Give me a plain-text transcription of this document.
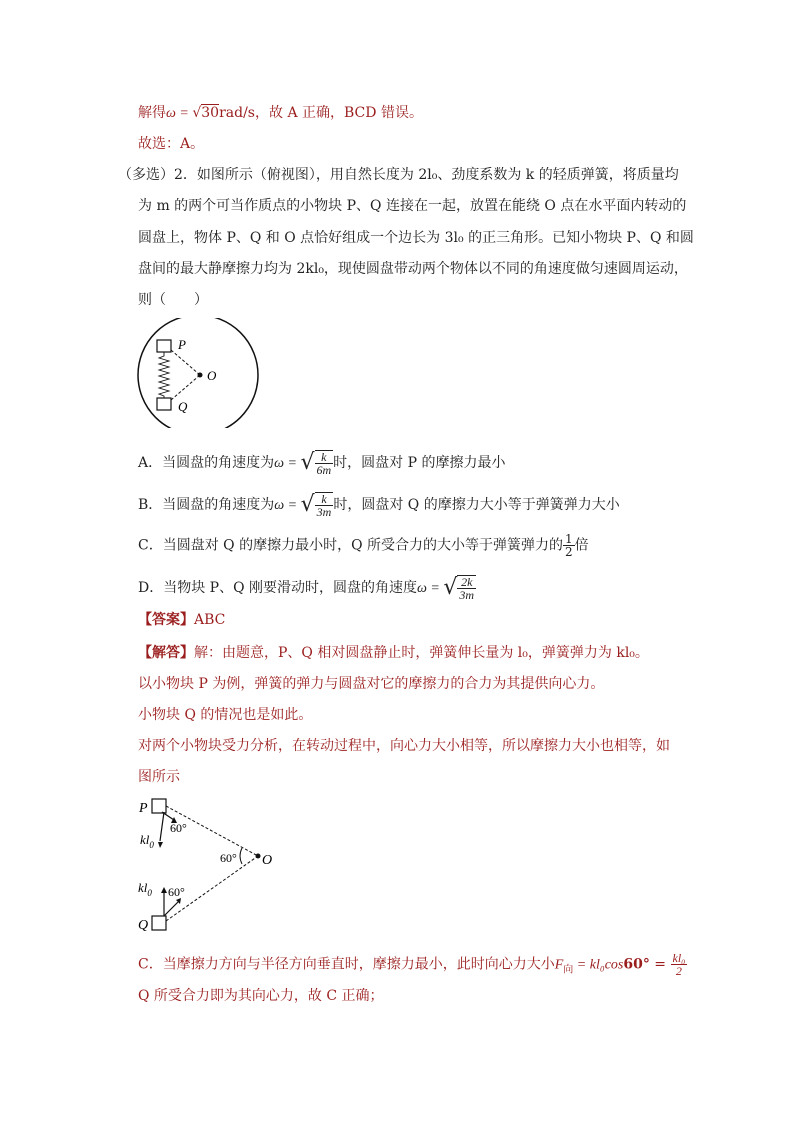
解得ω = √30rad/s，故 A 正确，BCD 错误。
故选：A。
（多选）2．如图所示（俯视图），用自然长度为 2l₀、劲度系数为 k 的轻质弹簧，将质量均
为 m 的两个可当作质点的小物块 P、Q 连接在一起，放置在能绕 O 点在水平面内转动的
圆盘上，物体 P、Q 和 O 点恰好组成一个边长为 3l₀ 的正三角形。已知小物块 P、Q 和圆
盘间的最大静摩擦力均为 2kl₀，现使圆盘带动两个物体以不同的角速度做匀速圆周运动，
则（　　）
P
O
Q
A．当圆盘的角速度为ω = √ $\frac{k}{6m}$ 时，圆盘对 P 的摩擦力最小
B．当圆盘的角速度为ω = √ $\frac{k}{3m}$ 时，圆盘对 Q 的摩擦力大小等于弹簧弹力大小
C．当圆盘对 Q 的摩擦力最小时，Q 所受合力的大小等于弹簧弹力的 $\frac{1}{2}$ 倍
D．当物块 P、Q 刚要滑动时，圆盘的角速度ω = √ $\frac{2k}{3m}$
【答案】ABC
【解答】解：由题意，P、Q 相对圆盘静止时，弹簧伸长量为 l₀，弹簧弹力为 kl₀。
以小物块 P 为例，弹簧的弹力与圆盘对它的摩擦力的合力为其提供向心力。
小物块 Q 的情况也是如此。
对两个小物块受力分析，在转动过程中，向心力大小相等，所以摩擦力大小也相等，如
图所示
P
Q
O
60°
60°
60°
$kl_0$
$kl_0$
C．当摩擦力方向与半径方向垂直时，摩擦力最小，此时向心力大小$F_向 = kl_0\cos 60^\circ = \frac{\text{kl₀}}{2}$
Q 所受合力即为其向心力，故 C 正确；
